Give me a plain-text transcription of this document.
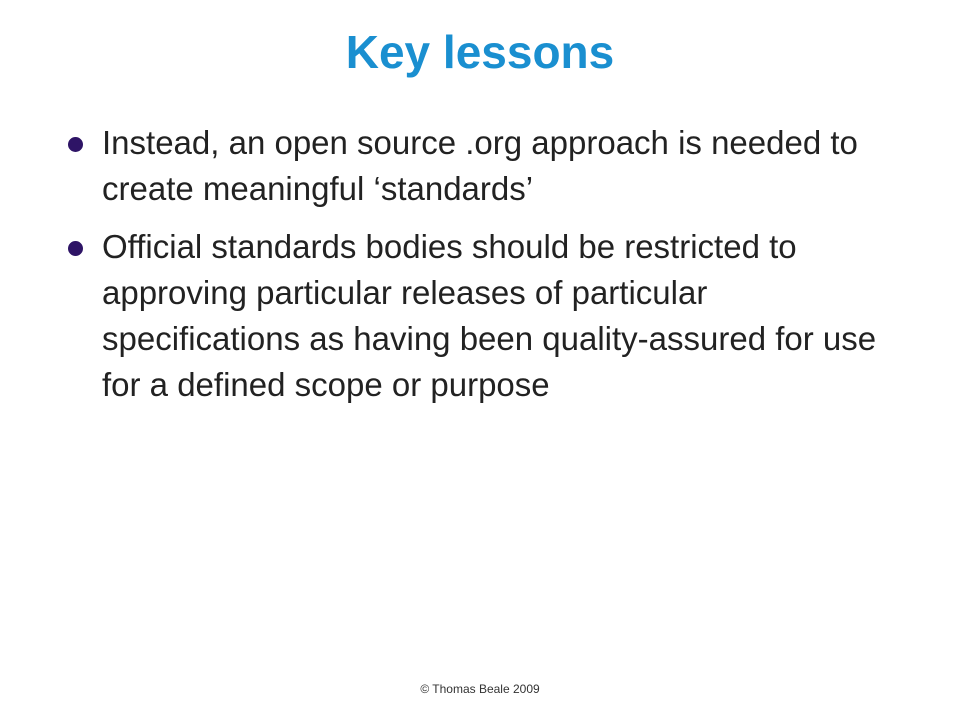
Key lessons
Instead, an open source .org approach is needed to create meaningful ‘standards’
Official standards bodies should be restricted to approving particular releases of particular specifications as having been quality-assured for use for a defined scope or purpose
© Thomas Beale 2009
